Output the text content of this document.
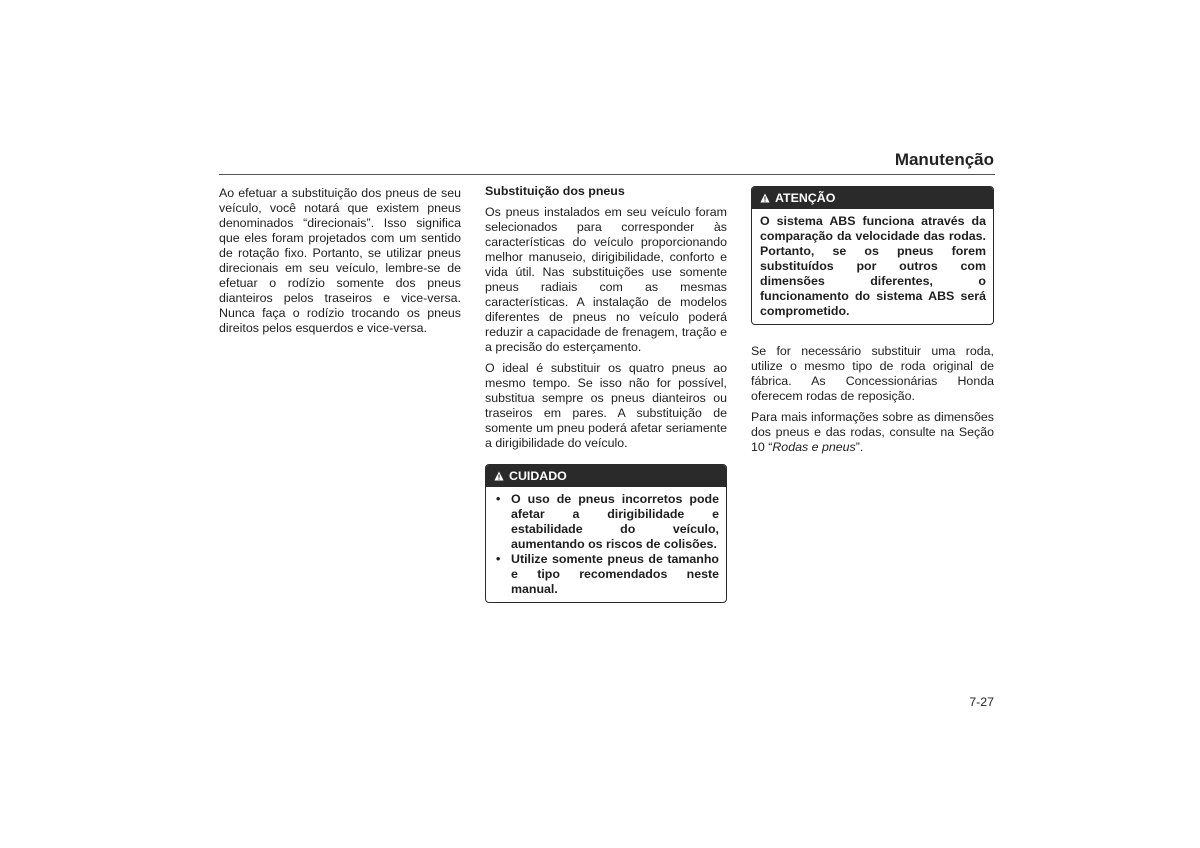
Manutenção

Ao efetuar a substituição dos pneus de seu veículo, você notará que existem pneus denominados “direcionais”. Isso significa que eles foram projetados com um sentido de rotação fixo. Portanto, se utilizar pneus direcionais em seu veículo, lembre-se de efetuar o rodízio somente dos pneus dianteiros pelos traseiros e vice-versa. Nunca faça o rodízio trocando os pneus direitos pelos esquerdos e vice-versa.

Substituição dos pneus

Os pneus instalados em seu veículo foram selecionados para corresponder às características do veículo proporcionando melhor manuseio, dirigibilidade, conforto e vida útil. Nas substituições use somente pneus radiais com as mesmas características. A instalação de modelos diferentes de pneus no veículo poderá reduzir a capacidade de frenagem, tração e a precisão do esterçamento.

O ideal é substituir os quatro pneus ao mesmo tempo. Se isso não for possível, substitua sempre os pneus dianteiros ou traseiros em pares. A substituição de somente um pneu poderá afetar seriamente a dirigibilidade do veículo.

CUIDADO
• O uso de pneus incorretos pode afetar a dirigibilidade e estabilidade do veículo, aumentando os riscos de colisões.
• Utilize somente pneus de tamanho e tipo recomendados neste manual.
ATENÇÃO
O sistema ABS funciona através da comparação da velocidade das rodas. Portanto, se os pneus forem substituídos por outros com dimensões diferentes, o funcionamento do sistema ABS será comprometido.

Se for necessário substituir uma roda, utilize o mesmo tipo de roda original de fábrica. As Concessionárias Honda oferecem rodas de reposição.

Para mais informações sobre as dimensões dos pneus e das rodas, consulte na Seção 10 “Rodas e pneus”.

7-27
